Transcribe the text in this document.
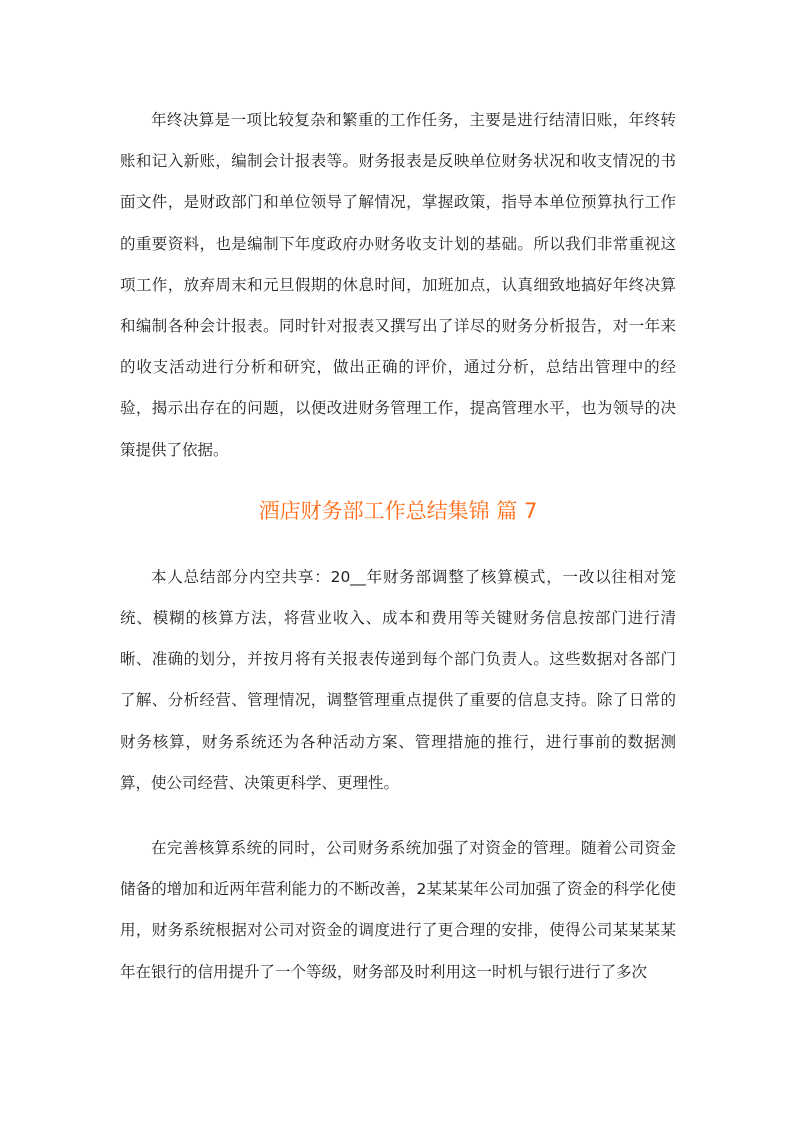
年终决算是一项比较复杂和繁重的工作任务，主要是进行结清旧账，年终转账和记入新账，编制会计报表等。财务报表是反映单位财务状况和收支情况的书面文件，是财政部门和单位领导了解情况，掌握政策，指导本单位预算执行工作的重要资料，也是编制下年度政府办财务收支计划的基础。所以我们非常重视这项工作，放弃周末和元旦假期的休息时间，加班加点，认真细致地搞好年终决算和编制各种会计报表。同时针对报表又撰写出了详尽的财务分析报告，对一年来的收支活动进行分析和研究，做出正确的评价，通过分析，总结出管理中的经验，揭示出存在的问题，以便改进财务管理工作，提高管理水平，也为领导的决策提供了依据。

酒店财务部工作总结集锦 篇 7

本人总结部分内空共享：20__年财务部调整了核算模式，一改以往相对笼统、模糊的核算方法，将营业收入、成本和费用等关键财务信息按部门进行清晰、准确的划分，并按月将有关报表传递到每个部门负责人。这些数据对各部门了解、分析经营、管理情况，调整管理重点提供了重要的信息支持。除了日常的财务核算，财务系统还为各种活动方案、管理措施的推行，进行事前的数据测算，使公司经营、决策更科学、更理性。

在完善核算系统的同时，公司财务系统加强了对资金的管理。随着公司资金储备的增加和近两年营利能力的不断改善，2某某某年公司加强了资金的科学化使用，财务系统根据对公司对资金的调度进行了更合理的安排，使得公司某某某某年在银行的信用提升了一个等级，财务部及时利用这一时机与银行进行了多次
